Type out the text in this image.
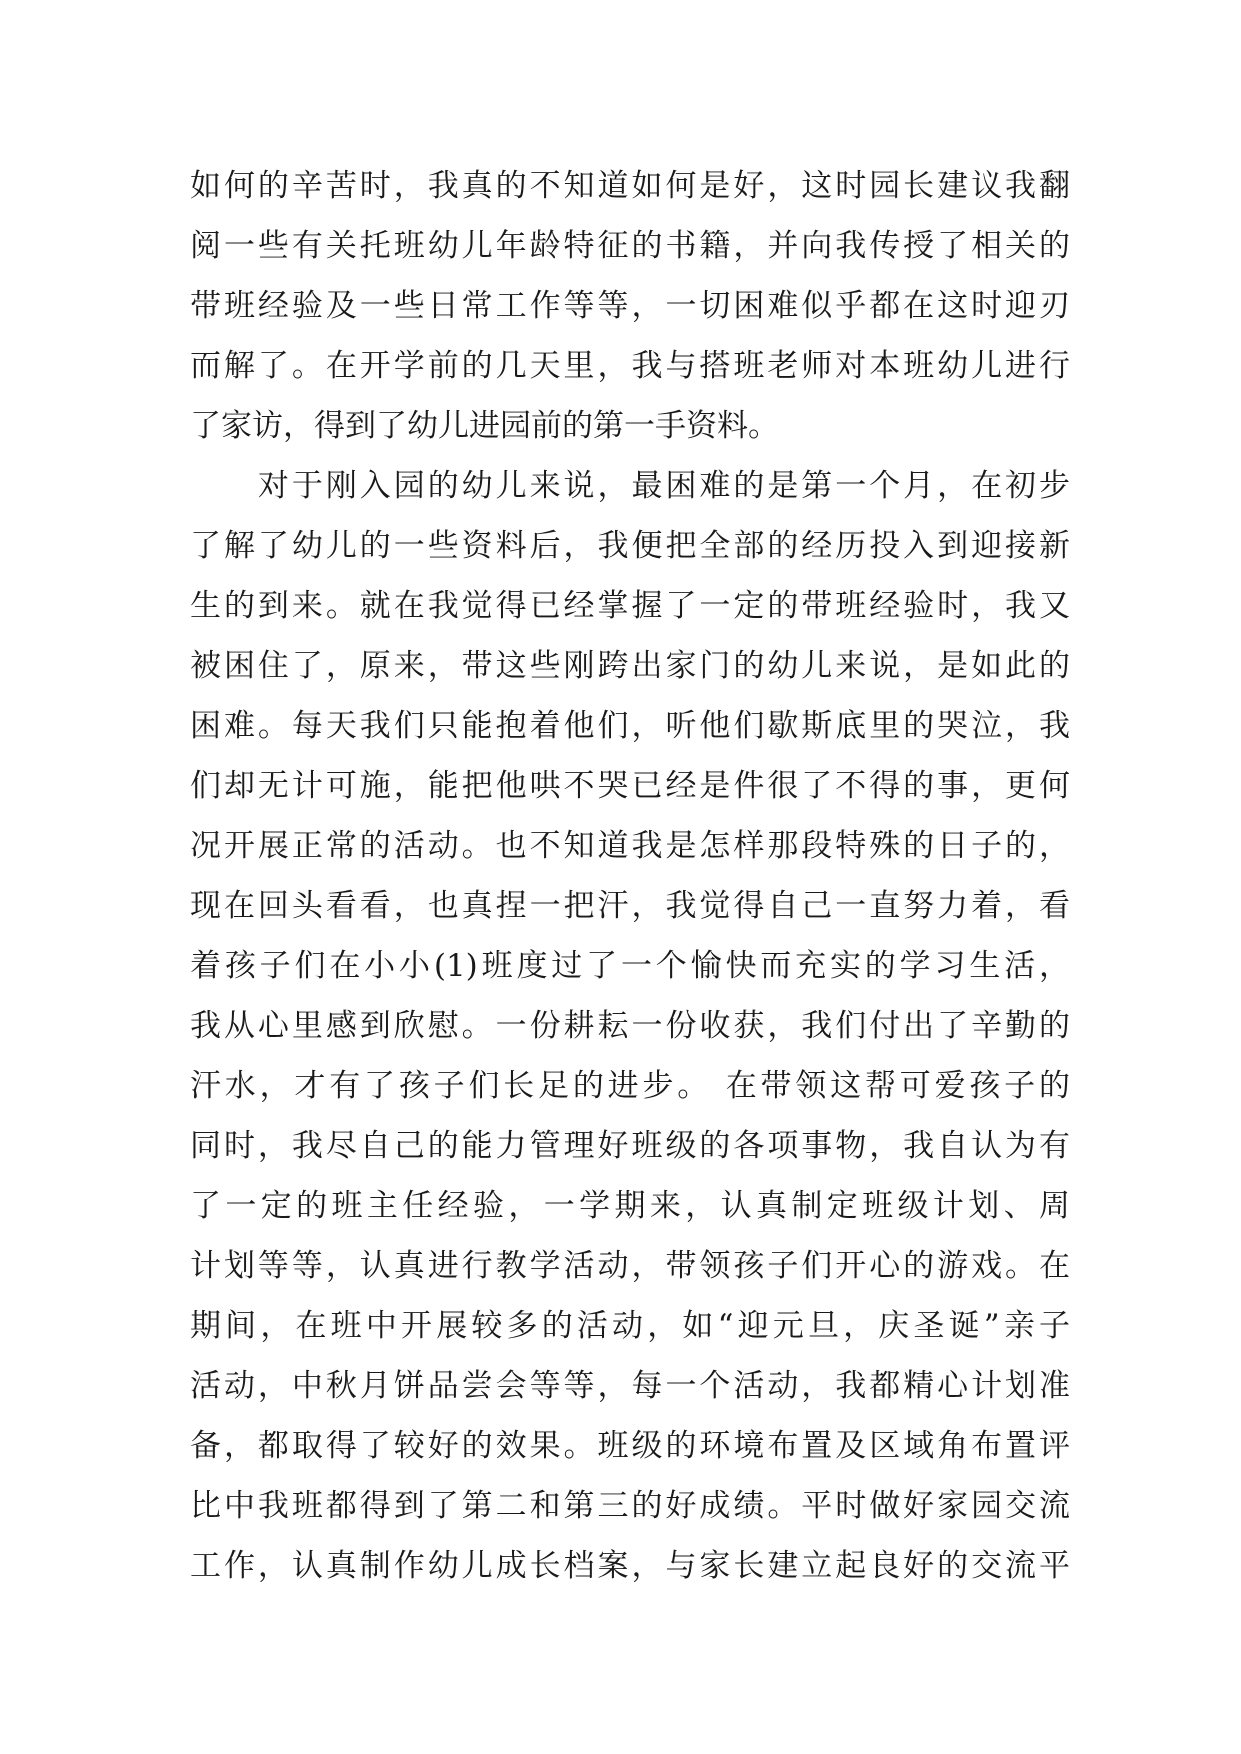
如何的辛苦时，我真的不知道如何是好，这时园长建议我翻
阅一些有关托班幼儿年龄特征的书籍，并向我传授了相关的
带班经验及一些日常工作等等，一切困难似乎都在这时迎刃
而解了。在开学前的几天里，我与搭班老师对本班幼儿进行
了家访，得到了幼儿进园前的第一手资料。
　　对于刚入园的幼儿来说，最困难的是第一个月，在初步
了解了幼儿的一些资料后，我便把全部的经历投入到迎接新
生的到来。就在我觉得已经掌握了一定的带班经验时，我又
被困住了，原来，带这些刚跨出家门的幼儿来说，是如此的
困难。每天我们只能抱着他们，听他们歇斯底里的哭泣，我
们却无计可施，能把他哄不哭已经是件很了不得的事，更何
况开展正常的活动。也不知道我是怎样那段特殊的日子的，
现在回头看看，也真捏一把汗，我觉得自己一直努力着，看
着孩子们在小小(1)班度过了一个愉快而充实的学习生活，
我从心里感到欣慰。一份耕耘一份收获，我们付出了辛勤的
汗水，才有了孩子们长足的进步。 在带领这帮可爱孩子的
同时，我尽自己的能力管理好班级的各项事物，我自认为有
了一定的班主任经验，一学期来，认真制定班级计划、周
计划等等，认真进行教学活动，带领孩子们开心的游戏。在
期间，在班中开展较多的活动，如“迎元旦，庆圣诞”亲子
活动，中秋月饼品尝会等等，每一个活动，我都精心计划准
备，都取得了较好的效果。班级的环境布置及区域角布置评
比中我班都得到了第二和第三的好成绩。平时做好家园交流
工作，认真制作幼儿成长档案，与家长建立起良好的交流平
